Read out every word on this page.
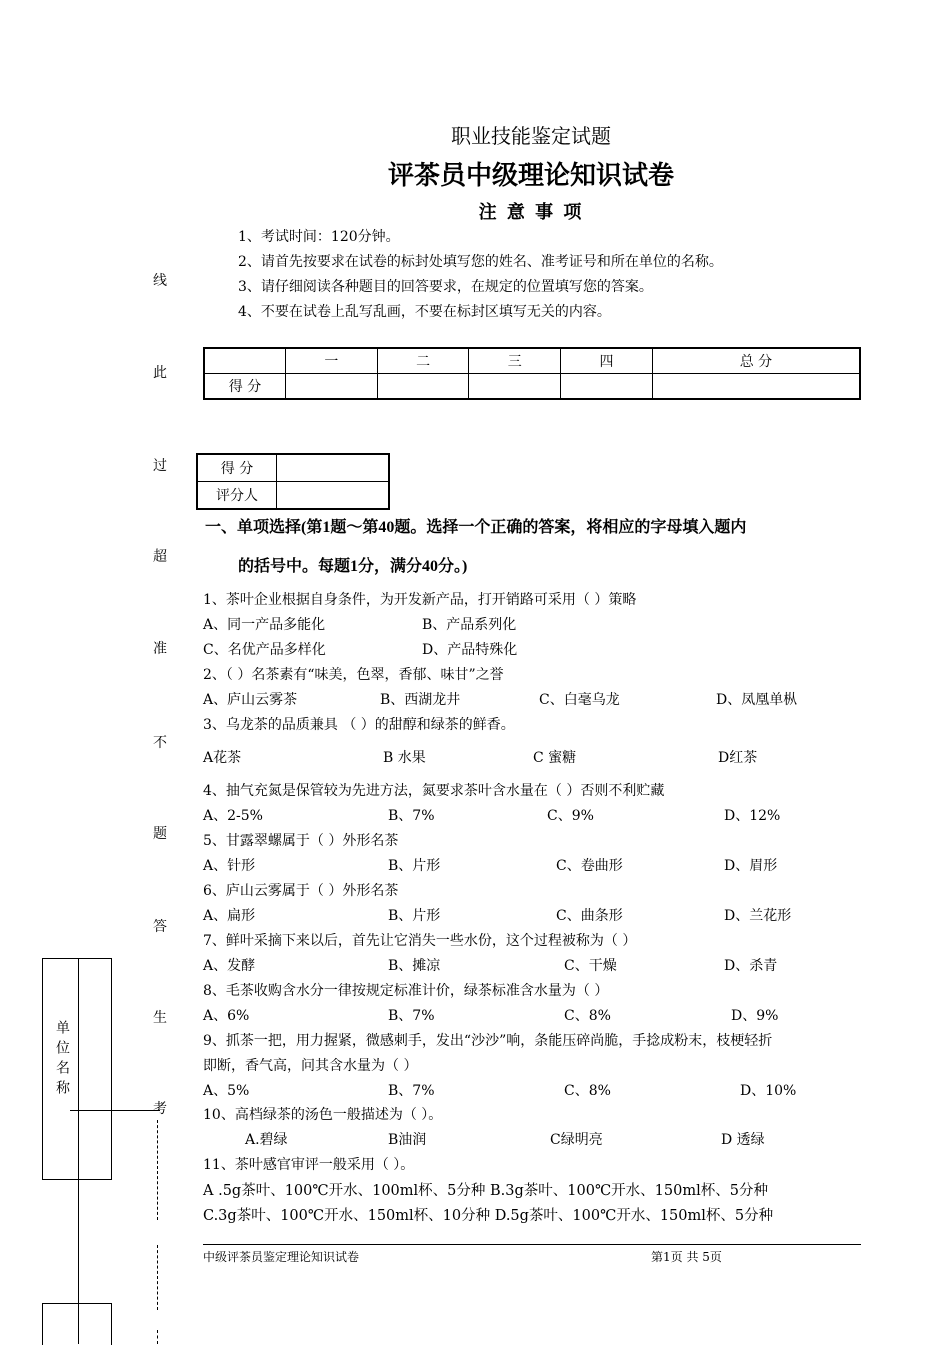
职业技能鉴定试题
评茶员中级理论知识试卷
注 意 事 项
1、考试时间：120分钟。
2、请首先按要求在试卷的标封处填写您的姓名、准考证号和所在单位的名称。
3、请仔细阅读各种题目的回答要求，在规定的位置填写您的答案。
4、不要在试卷上乱写乱画，不要在标封区填写无关的内容。
	一	二	三	四	总 分
得 分					
得 分	
评分人	
一、单项选择(第1题～第40题。选择一个正确的答案，将相应的字母填入题内
的括号中。每题1分，满分40分。)
1、茶叶企业根据自身条件，为开发新产品，打开销路可采用（ ）策略
A、同一产品多能化	B、产品系列化
C、名优产品多样化	D、产品特殊化
2、（ ）名茶素有“味美，色翠，香郁、味甘”之誉
A、庐山云雾茶	B、西湖龙井	C、白毫乌龙	D、凤凰单枞
3、乌龙茶的品质兼具 （ ）的甜醇和绿茶的鲜香。
A花茶	B 水果	C 蜜糖	D红茶
4、抽气充氮是保管较为先进方法，氮要求茶叶含水量在（ ）否则不利贮藏
A、2-5%	B、7%	C、9%	D、12%
5、甘露翠螺属于（ ）外形名茶
A、针形	B、片形	C、卷曲形	D、眉形
6、庐山云雾属于（ ）外形名茶
A、扁形	B、片形	C、曲条形	D、兰花形
7、鲜叶采摘下来以后，首先让它消失一些水份，这个过程被称为（ ）
A、发酵	B、摊凉	C、干燥	D、杀青
8、毛茶收购含水分一律按规定标准计价，绿茶标准含水量为（ ）
A、6%	B、7%	C、8%	D、9%
9、抓茶一把，用力握紧，微感刺手，发出“沙沙”响，条能压碎尚脆，手捻成粉末，枝梗轻折
即断，香气高，问其含水量为（ ）
A、5%	B、7%	C、8%	D、10%
10、高档绿茶的汤色一般描述为（ ）。
A.碧绿	B油润	C绿明亮	D 透绿
11、茶叶感官审评一般采用（ ）。
A .5g茶叶、100℃开水、100ml杯、5分种 B.3g茶叶、100℃开水、150ml杯、5分种
C.3g茶叶、100℃开水、150ml杯、10分种 D.5g茶叶、100℃开水、150ml杯、5分种
中级评茶员鉴定理论知识试卷	第1页 共 5页
线
此
过
超
准
不
题
答
生
考
单位名称
